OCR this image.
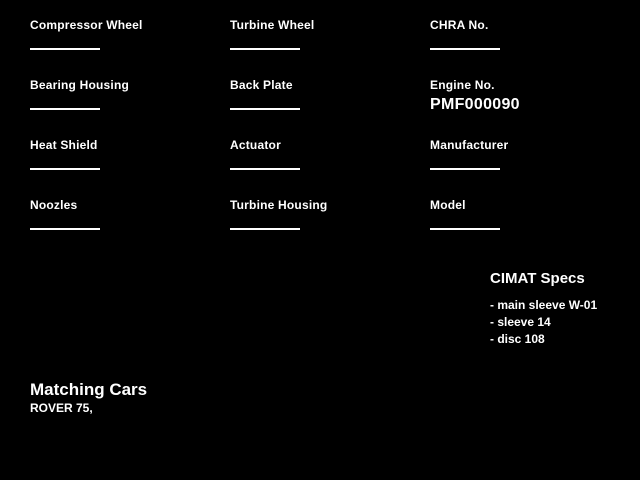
Compressor Wheel	Turbine Wheel	CHRA No.
Bearing Housing	Back Plate	Engine No.
PMF000090
Heat Shield	Actuator	Manufacturer
Noozles	Turbine Housing	Model
CIMAT Specs
- main sleeve W-01
- sleeve 14
- disc 108
Matching Cars
ROVER 75,
